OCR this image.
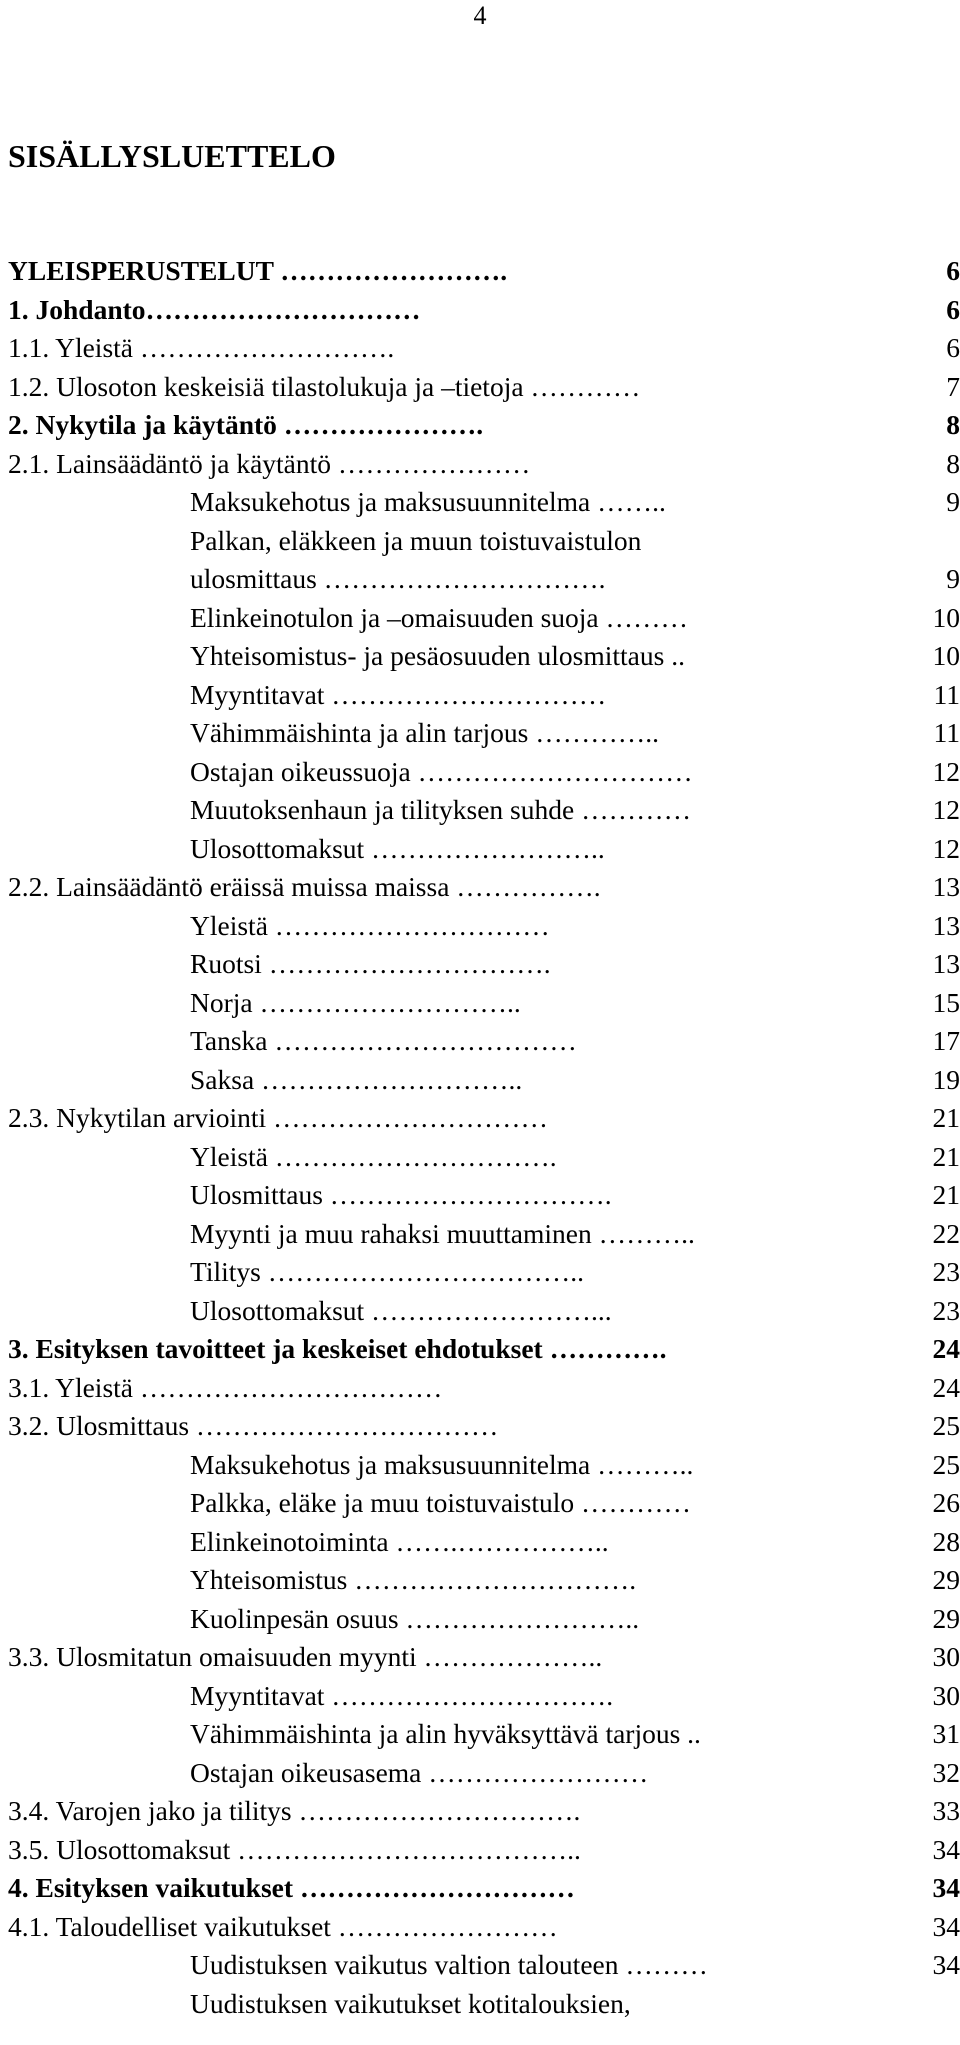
4
SISÄLLYSLUETTELO
YLEISPERUSTELUT …………………….	6
1. Johdanto…………………………	6
1.1. Yleistä ……………………….	6
1.2. Ulosoton keskeisiä tilastolukuja ja –tietoja …………	7
2. Nykytila ja käytäntö ………………….	8
2.1. Lainsäädäntö ja käytäntö …………………	8
Maksukehotus ja maksusuunnitelma ……..	9
Palkan, eläkkeen ja muun toistuvaistulon
ulosmittaus ………………………….	9
Elinkeinotulon ja –omaisuuden suoja ………	10
Yhteisomistus- ja pesäosuuden ulosmittaus ..	10
Myyntitavat …………………………	11
Vähimmäishinta ja alin tarjous …………..	11
Ostajan oikeussuoja …………………………	12
Muutoksenhaun ja tilityksen suhde …………	12
Ulosottomaksut ……………………..	12
2.2. Lainsäädäntö eräissä muissa maissa …………….	13
Yleistä …………………………	13
Ruotsi ………………………….	13
Norja ………………………..	15
Tanska ……………………………	17
Saksa ………………………..	19
2.3. Nykytilan arviointi …………………………	21
Yleistä ………………………….	21
Ulosmittaus ………………………….	21
Myynti ja muu rahaksi muuttaminen ………..	22
Tilitys ……………………………..	23
Ulosottomaksut ……………………...	23
3. Esityksen tavoitteet ja keskeiset ehdotukset ………….	24
3.1. Yleistä ……………………………	24
3.2. Ulosmittaus ……………………………	25
Maksukehotus ja maksusuunnitelma ………..	25
Palkka, eläke ja muu toistuvaistulo …………	26
Elinkeinotoiminta …….……………..	28
Yhteisomistus ………………………….	29
Kuolinpesän osuus ……………………..	29
3.3. Ulosmitatun omaisuuden myynti ………………..	30
Myyntitavat ………………………….	30
Vähimmäishinta ja alin hyväksyttävä tarjous ..	31
Ostajan oikeusasema ……………………	32
3.4. Varojen jako ja tilitys ………………………….	33
3.5. Ulosottomaksut ………………………………..	34
4. Esityksen vaikutukset …………………………	34
4.1. Taloudelliset vaikutukset ……………………	34
Uudistuksen vaikutus valtion talouteen ………	34
Uudistuksen vaikutukset kotitalouksien,
